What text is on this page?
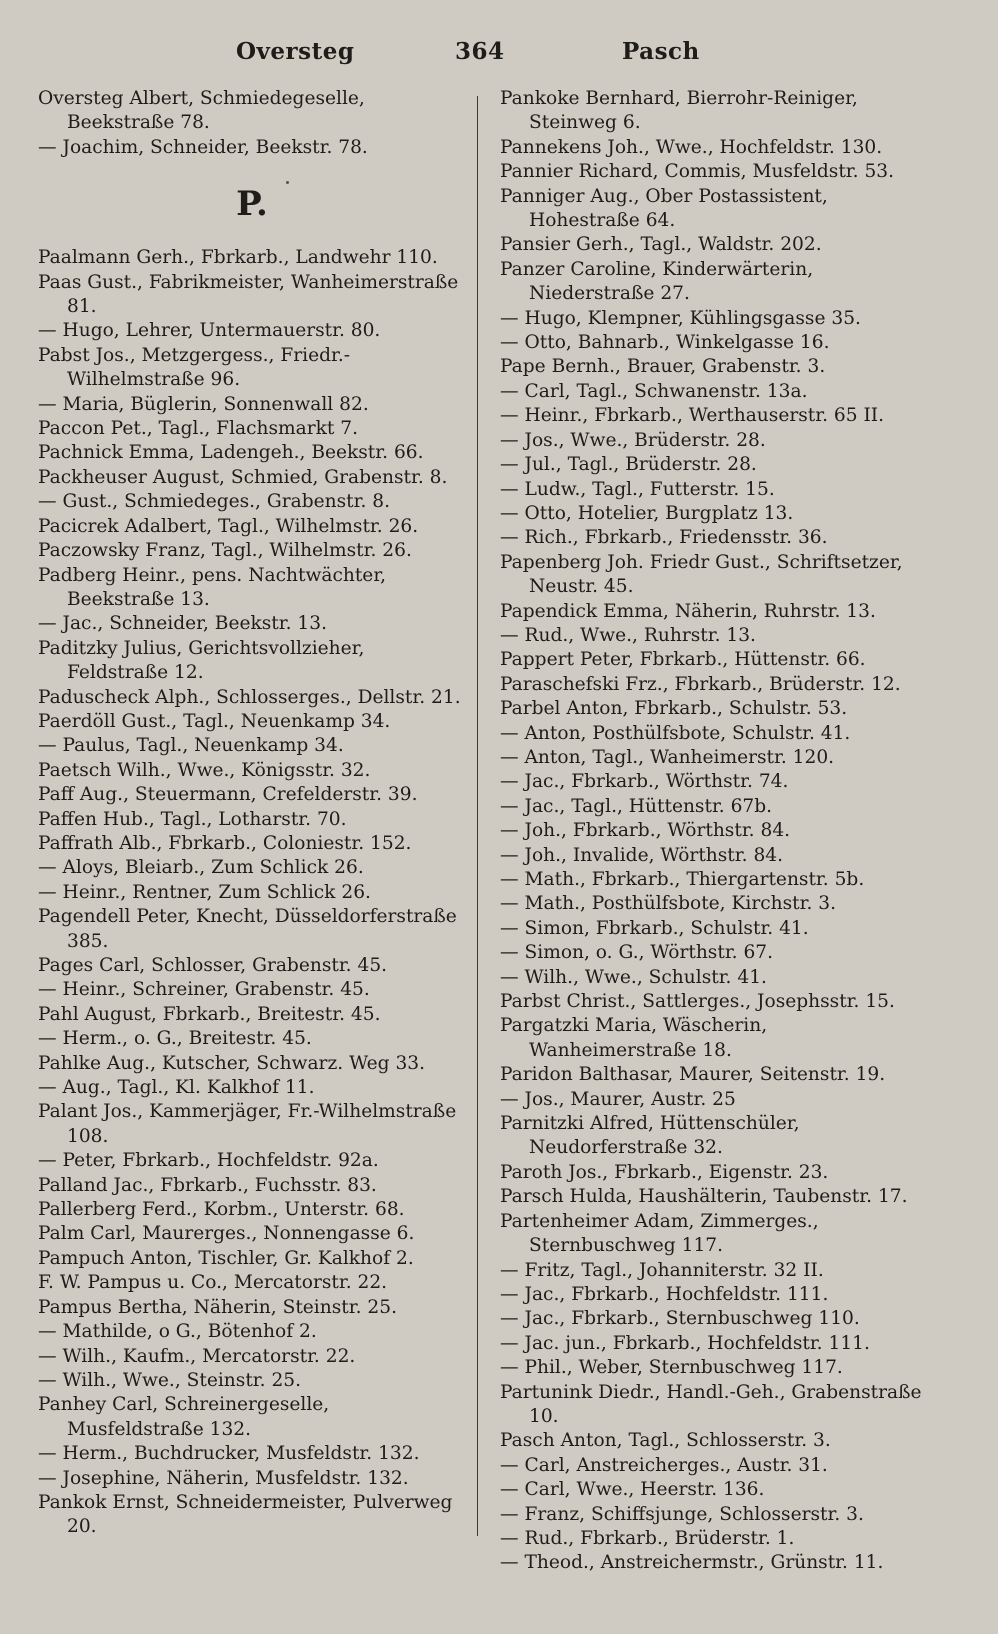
Oversteg	364	Pasch
Oversteg Albert, Schmiedegeselle, Beekstraße 78.
— Joachim, Schneider, Beekstr. 78.
P.
Paalmann Gerh., Fbrkarb., Landwehr 110.
Paas Gust., Fabrikmeister, Wanheimerstraße 81.
— Hugo, Lehrer, Untermauerstr. 80.
Pabst Jos., Metzgergess., Friedr.-Wilhelmstraße 96.
— Maria, Büglerin, Sonnenwall 82.
Paccon Pet., Tagl., Flachsmarkt 7.
Pachnick Emma, Ladengeh., Beekstr. 66.
Packheuser August, Schmied, Grabenstr. 8.
— Gust., Schmiedeges., Grabenstr. 8.
Pacicrek Adalbert, Tagl., Wilhelmstr. 26.
Paczowsky Franz, Tagl., Wilhelmstr. 26.
Padberg Heinr., pens. Nachtwächter, Beekstraße 13.
— Jac., Schneider, Beekstr. 13.
Paditzky Julius, Gerichtsvollzieher, Feldstraße 12.
Paduscheck Alph., Schlosserges., Dellstr. 21.
Paerdöll Gust., Tagl., Neuenkamp 34.
— Paulus, Tagl., Neuenkamp 34.
Paetsch Wilh., Wwe., Königsstr. 32.
Paff Aug., Steuermann, Crefelderstr. 39.
Paffen Hub., Tagl., Lotharstr. 70.
Paffrath Alb., Fbrkarb., Coloniestr. 152.
— Aloys, Bleiarb., Zum Schlick 26.
— Heinr., Rentner, Zum Schlick 26.
Pagendell Peter, Knecht, Düsseldorferstraße 385.
Pages Carl, Schlosser, Grabenstr. 45.
— Heinr., Schreiner, Grabenstr. 45.
Pahl August, Fbrkarb., Breitestr. 45.
— Herm., o. G., Breitestr. 45.
Pahlke Aug., Kutscher, Schwarz. Weg 33.
— Aug., Tagl., Kl. Kalkhof 11.
Palant Jos., Kammerjäger, Fr.-Wilhelmstraße 108.
— Peter, Fbrkarb., Hochfeldstr. 92a.
Palland Jac., Fbrkarb., Fuchsstr. 83.
Pallerberg Ferd., Korbm., Unterstr. 68.
Palm Carl, Maurerges., Nonnengasse 6.
Pampuch Anton, Tischler, Gr. Kalkhof 2.
F. W. Pampus u. Co., Mercatorstr. 22.
Pampus Bertha, Näherin, Steinstr. 25.
— Mathilde, o G., Bötenhof 2.
— Wilh., Kaufm., Mercatorstr. 22.
— Wilh., Wwe., Steinstr. 25.
Panhey Carl, Schreinergeselle, Musfeldstraße 132.
— Herm., Buchdrucker, Musfeldstr. 132.
— Josephine, Näherin, Musfeldstr. 132.
Pankok Ernst, Schneidermeister, Pulverweg 20.
Pankoke Bernhard, Bierrohr-Reiniger, Steinweg 6.
Pannekens Joh., Wwe., Hochfeldstr. 130.
Pannier Richard, Commis, Musfeldstr. 53.
Panniger Aug., Ober Postassistent, Hohestraße 64.
Pansier Gerh., Tagl., Waldstr. 202.
Panzer Caroline, Kinderwärterin, Niederstraße 27.
— Hugo, Klempner, Kühlingsgasse 35.
— Otto, Bahnarb., Winkelgasse 16.
Pape Bernh., Brauer, Grabenstr. 3.
— Carl, Tagl., Schwanenstr. 13a.
— Heinr., Fbrkarb., Werthauserstr. 65 II.
— Jos., Wwe., Brüderstr. 28.
— Jul., Tagl., Brüderstr. 28.
— Ludw., Tagl., Futterstr. 15.
— Otto, Hotelier, Burgplatz 13.
— Rich., Fbrkarb., Friedensstr. 36.
Papenberg Joh. Friedr Gust., Schriftsetzer, Neustr. 45.
Papendick Emma, Näherin, Ruhrstr. 13.
— Rud., Wwe., Ruhrstr. 13.
Pappert Peter, Fbrkarb., Hüttenstr. 66.
Paraschefski Frz., Fbrkarb., Brüderstr. 12.
Parbel Anton, Fbrkarb., Schulstr. 53.
— Anton, Posthülfsbote, Schulstr. 41.
— Anton, Tagl., Wanheimerstr. 120.
— Jac., Fbrkarb., Wörthstr. 74.
— Jac., Tagl., Hüttenstr. 67b.
— Joh., Fbrkarb., Wörthstr. 84.
— Joh., Invalide, Wörthstr. 84.
— Math., Fbrkarb., Thiergartenstr. 5b.
— Math., Posthülfsbote, Kirchstr. 3.
— Simon, Fbrkarb., Schulstr. 41.
— Simon, o. G., Wörthstr. 67.
— Wilh., Wwe., Schulstr. 41.
Parbst Christ., Sattlerges., Josephsstr. 15.
Pargatzki Maria, Wäscherin, Wanheimerstraße 18.
Paridon Balthasar, Maurer, Seitenstr. 19.
— Jos., Maurer, Austr. 25
Parnitzki Alfred, Hüttenschüler, Neudorferstraße 32.
Paroth Jos., Fbrkarb., Eigenstr. 23.
Parsch Hulda, Haushälterin, Taubenstr. 17.
Partenheimer Adam, Zimmerges., Sternbuschweg 117.
— Fritz, Tagl., Johanniterstr. 32 II.
— Jac., Fbrkarb., Hochfeldstr. 111.
— Jac., Fbrkarb., Sternbuschweg 110.
— Jac. jun., Fbrkarb., Hochfeldstr. 111.
— Phil., Weber, Sternbuschweg 117.
Partunink Diedr., Handl.-Geh., Grabenstraße 10.
Pasch Anton, Tagl., Schlosserstr. 3.
— Carl, Anstreicherges., Austr. 31.
— Carl, Wwe., Heerstr. 136.
— Franz, Schiffsjunge, Schlosserstr. 3.
— Rud., Fbrkarb., Brüderstr. 1.
— Theod., Anstreichermstr., Grünstr. 11.
